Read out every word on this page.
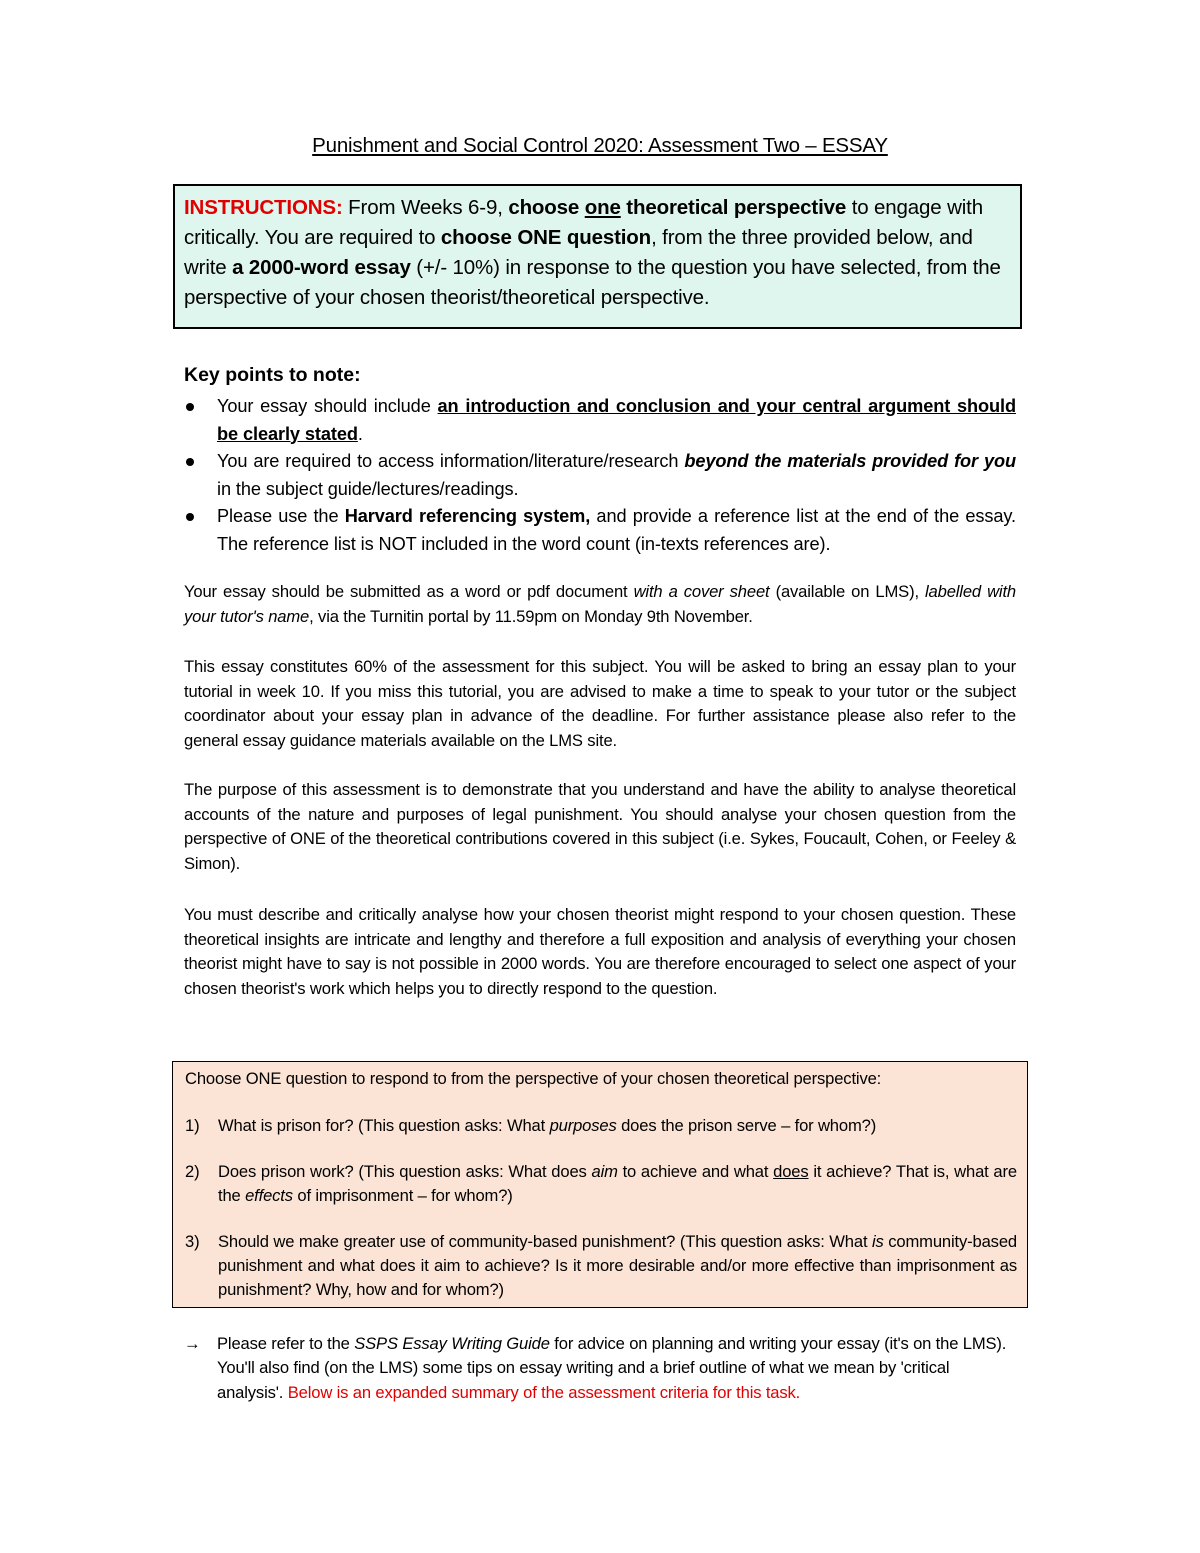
Punishment and Social Control 2020: Assessment Two – ESSAY
INSTRUCTIONS: From Weeks 6-9, choose one theoretical perspective to engage with critically. You are required to choose ONE question, from the three provided below, and write a 2000-word essay (+/- 10%) in response to the question you have selected, from the perspective of your chosen theorist/theoretical perspective.
Key points to note:
Your essay should include an introduction and conclusion and your central argument should be clearly stated.
You are required to access information/literature/research beyond the materials provided for you in the subject guide/lectures/readings.
Please use the Harvard referencing system, and provide a reference list at the end of the essay. The reference list is NOT included in the word count (in-texts references are).
Your essay should be submitted as a word or pdf document with a cover sheet (available on LMS), labelled with your tutor's name, via the Turnitin portal by 11.59pm on Monday 9th November.
This essay constitutes 60% of the assessment for this subject. You will be asked to bring an essay plan to your tutorial in week 10. If you miss this tutorial, you are advised to make a time to speak to your tutor or the subject coordinator about your essay plan in advance of the deadline. For further assistance please also refer to the general essay guidance materials available on the LMS site.
The purpose of this assessment is to demonstrate that you understand and have the ability to analyse theoretical accounts of the nature and purposes of legal punishment. You should analyse your chosen question from the perspective of ONE of the theoretical contributions covered in this subject (i.e. Sykes, Foucault, Cohen, or Feeley & Simon).
You must describe and critically analyse how your chosen theorist might respond to your chosen question. These theoretical insights are intricate and lengthy and therefore a full exposition and analysis of everything your chosen theorist might have to say is not possible in 2000 words. You are therefore encouraged to select one aspect of your chosen theorist's work which helps you to directly respond to the question.
Choose ONE question to respond to from the perspective of your chosen theoretical perspective:
1) What is prison for? (This question asks: What purposes does the prison serve – for whom?)
2) Does prison work? (This question asks: What does aim to achieve and what does it achieve? That is, what are the effects of imprisonment – for whom?)
3) Should we make greater use of community-based punishment? (This question asks: What is community-based punishment and what does it aim to achieve? Is it more desirable and/or more effective than imprisonment as punishment? Why, how and for whom?)
→ Please refer to the SSPS Essay Writing Guide for advice on planning and writing your essay (it's on the LMS). You'll also find (on the LMS) some tips on essay writing and a brief outline of what we mean by 'critical analysis'. Below is an expanded summary of the assessment criteria for this task.
